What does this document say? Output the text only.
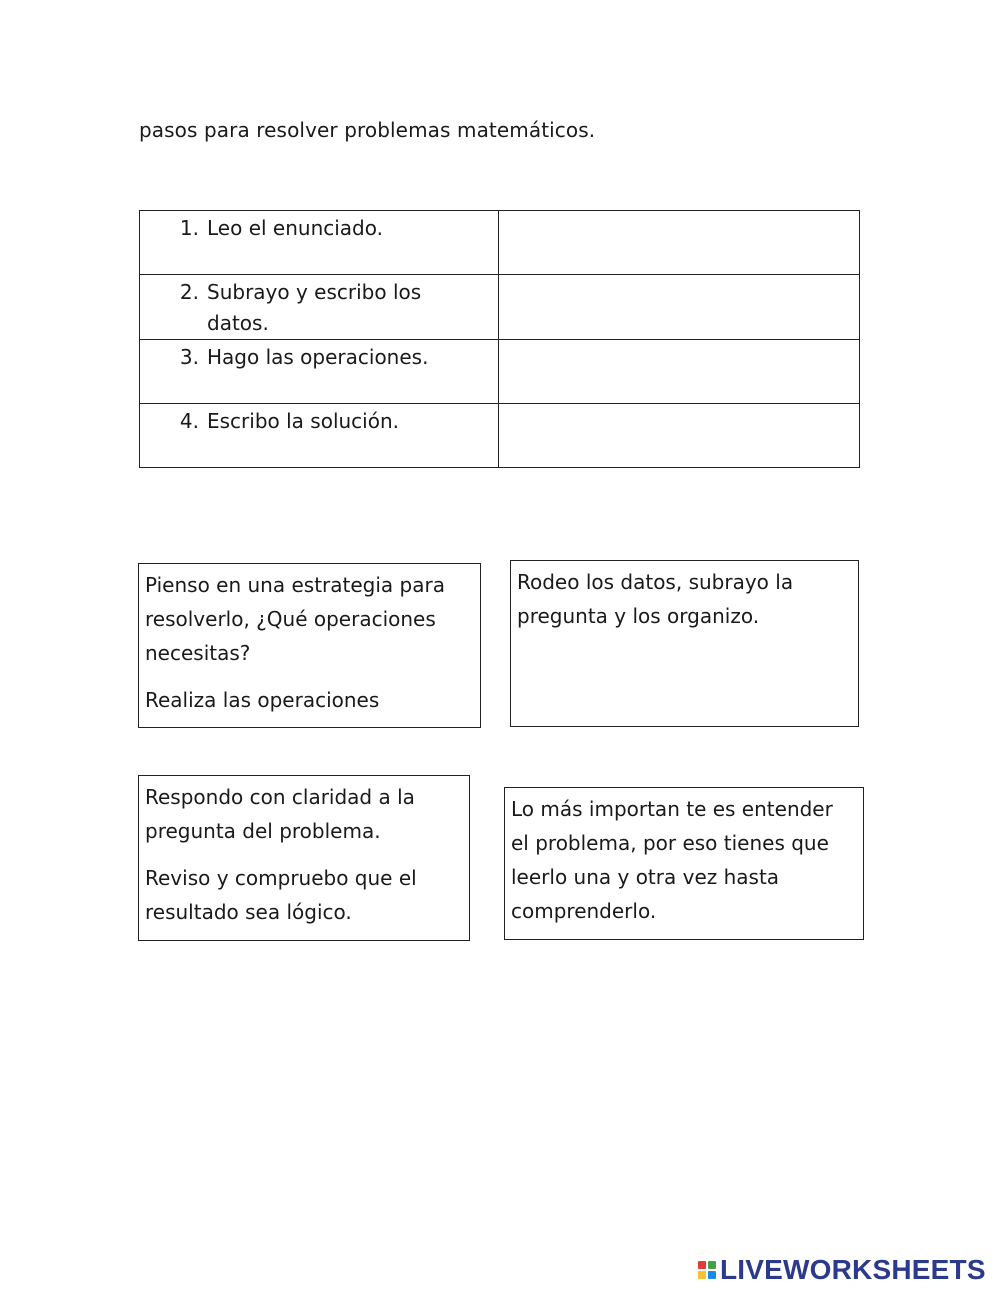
pasos para resolver problemas matemáticos.
1. Leo el enunciado.	

2. Subrayo y escribo los
datos.	

3. Hago las operaciones.	

4. Escribo la solución.	

Pienso en una estrategia para
resolverlo, ¿Qué operaciones
necesitas?

Realiza las operaciones

Rodeo los datos, subrayo la
pregunta y los organizo.

Respondo con claridad a la
pregunta del problema.

Reviso y compruebo que el
resultado sea lógico.

Lo más importan te es entender
el problema, por eso tienes que
leerlo una y otra vez hasta
comprenderlo.

LIVEWORKSHEETS
